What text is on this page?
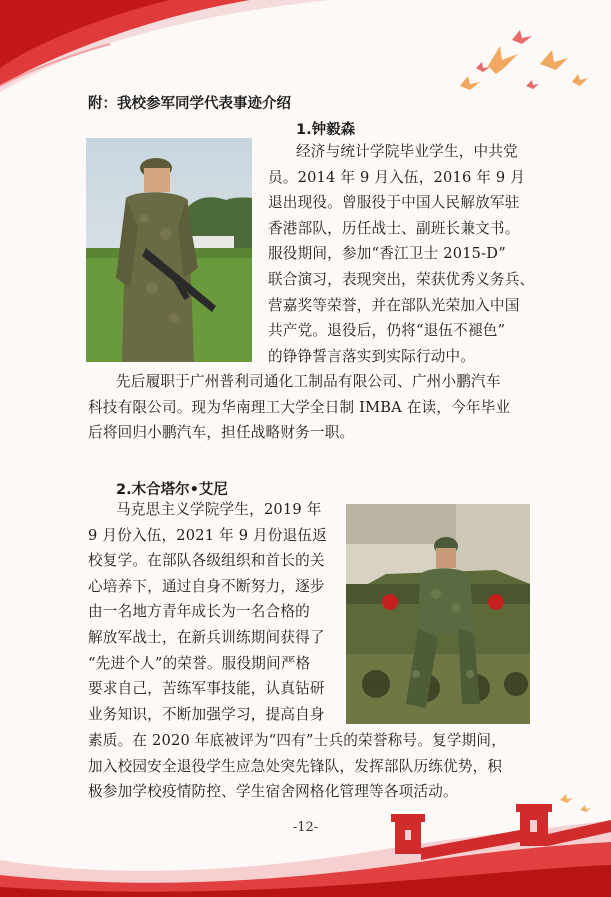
附：我校参军同学代表事迹介绍
1.钟毅森
经济与统计学院毕业学生，中共党
员。2014 年 9 月入伍，2016 年 9 月
退出现役。曾服役于中国人民解放军驻
香港部队，历任战士、副班长兼文书。
服役期间，参加“香江卫士 2015-D”
联合演习，表现突出，荣获优秀义务兵、
营嘉奖等荣誉，并在部队光荣加入中国
共产党。退役后，仍将“退伍不褪色”
的铮铮誓言落实到实际行动中。
先后履职于广州普利司通化工制品有限公司、广州小鹏汽车
科技有限公司。现为华南理工大学全日制 IMBA 在读，今年毕业
后将回归小鹏汽车，担任战略财务一职。
2.木合塔尔•艾尼
马克思主义学院学生，2019 年
9 月份入伍，2021 年 9 月份退伍返
校复学。在部队各级组织和首长的关
心培养下，通过自身不断努力，逐步
由一名地方青年成长为一名合格的
解放军战士，在新兵训练期间获得了
“先进个人”的荣誉。服役期间严格
要求自己，苦练军事技能，认真钻研
业务知识，不断加强学习，提高自身
素质。在 2020 年底被评为“四有”士兵的荣誉称号。复学期间，
加入校园安全退役学生应急处突先锋队，发挥部队历练优势，积
极参加学校疫情防控、学生宿舍网格化管理等各项活动。
-12-
